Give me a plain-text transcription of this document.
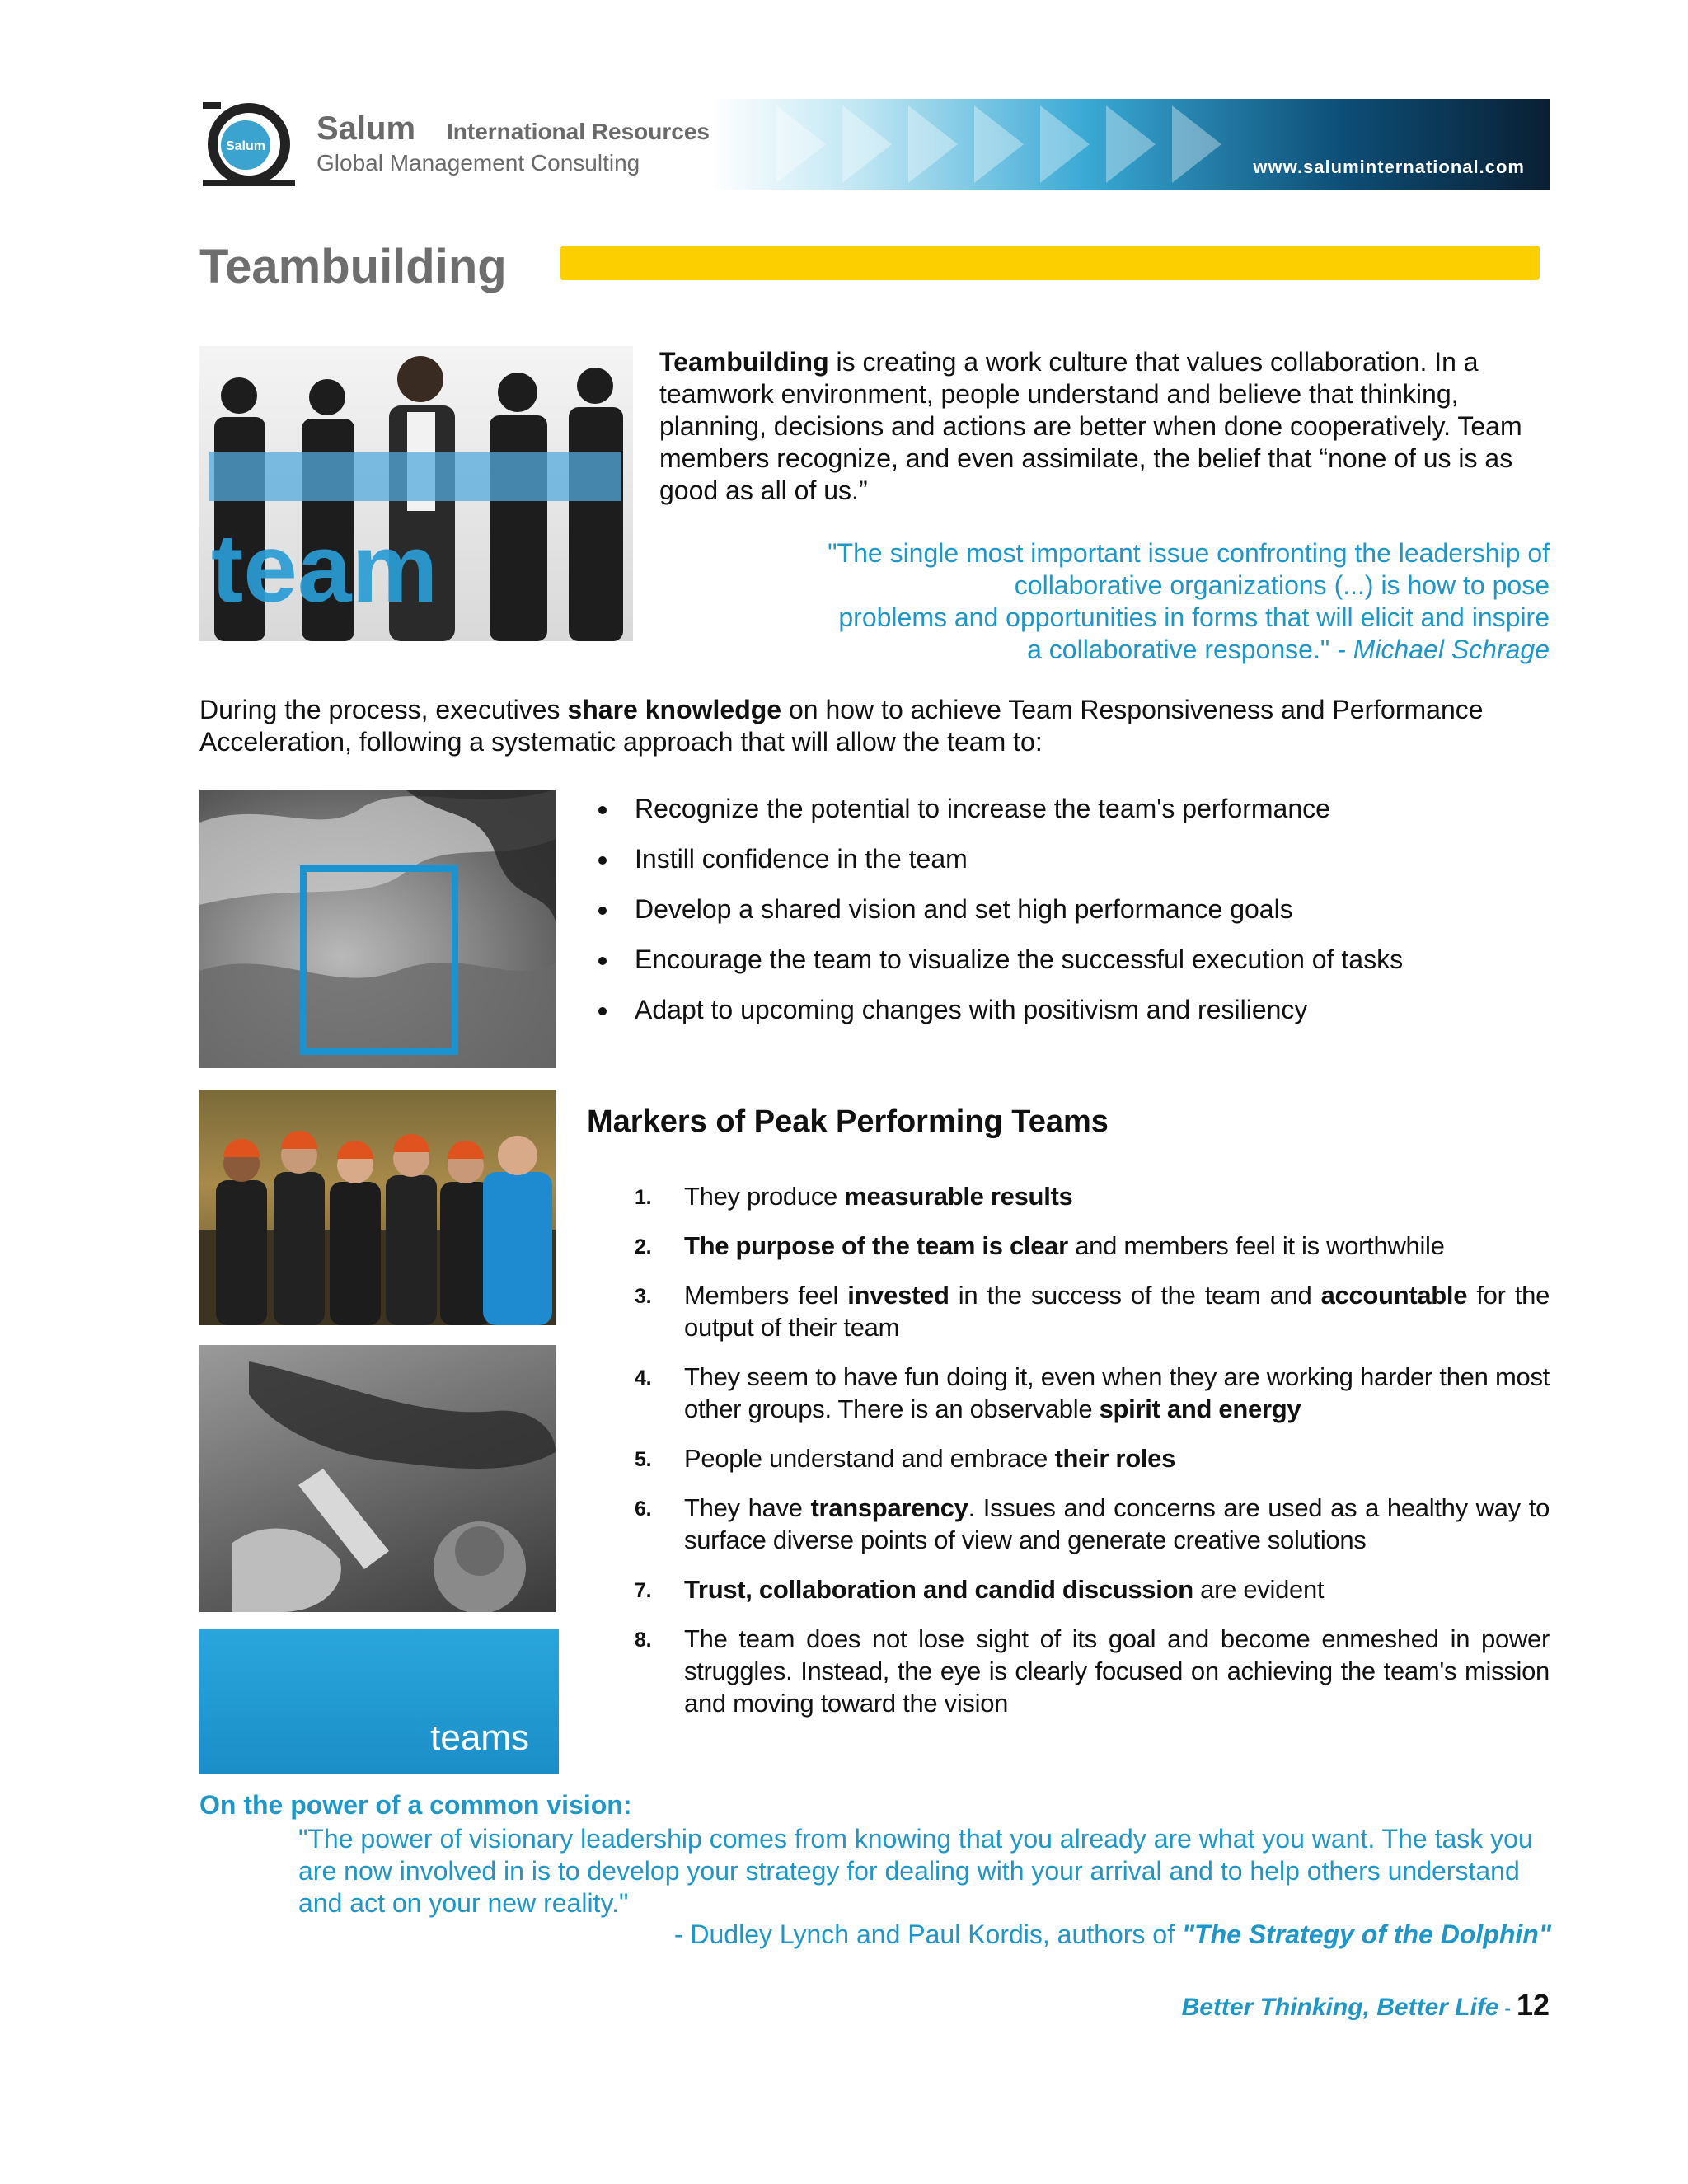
Salum Salum International Resources
Global Management Consulting	www.saluminternational.com
Teambuilding
team

Teambuilding is creating a work culture that values collaboration. In a teamwork environment, people understand and believe that thinking, planning, decisions and actions are better when done cooperatively. Team members recognize, and even assimilate, the belief that “none of us is as good as all of us.”

"The single most important issue confronting the leadership of
collaborative organizations (...) is how to pose
problems and opportunities in forms that will elicit and inspire
a collaborative response." - Michael Schrage

During the process, executives share knowledge on how to achieve Team Responsiveness and Performance Acceleration, following a systematic approach that will allow the team to:

Recognize the potential to increase the team's performance
Instill confidence in the team
Develop a shared vision and set high performance goals
Encourage the team to visualize the successful execution of tasks
Adapt to upcoming changes with positivism and resiliency
teams
Markers of Peak Performing Teams
1. They produce measurable results
2. The purpose of the team is clear and members feel it is worthwhile
3. Members feel invested in the success of the team and accountable for the output of their team
4. They seem to have fun doing it, even when they are working harder then most other groups. There is an observable spirit and energy
5. People understand and embrace their roles
6. They have transparency. Issues and concerns are used as a healthy way to surface diverse points of view and generate creative solutions
7. Trust, collaboration and candid discussion are evident
8. The team does not lose sight of its goal and become enmeshed in power struggles. Instead, the eye is clearly focused on achieving the team's mission and moving toward the vision
On the power of a common vision:

"The power of visionary leadership comes from knowing that you already are what you want. The task you are now involved in is to develop your strategy for dealing with your arrival and to help others understand and act on your new reality."

- Dudley Lynch and Paul Kordis, authors of "The Strategy of the Dolphin"
Better Thinking, Better Life - 12
